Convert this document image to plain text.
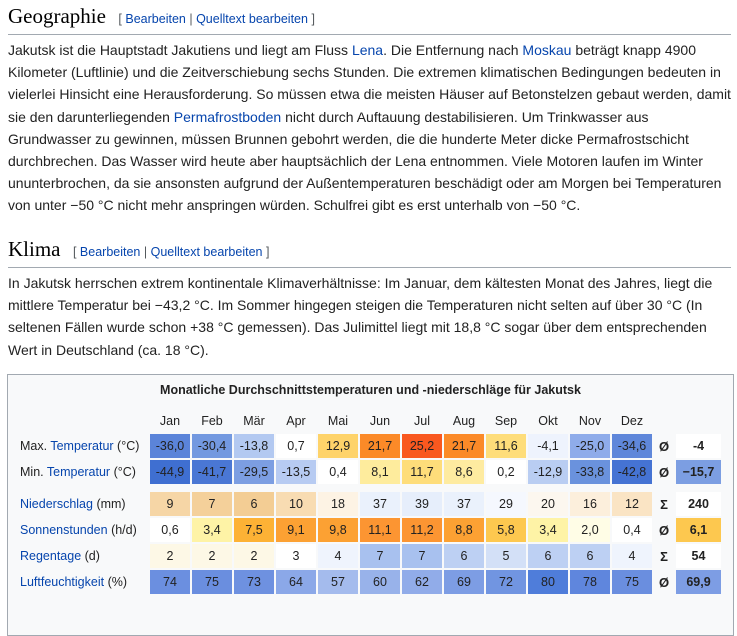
Geographie [ Bearbeiten | Quelltext bearbeiten ]

Jakutsk ist die Hauptstadt Jakutiens und liegt am Fluss Lena. Die Entfernung nach Moskau beträgt knapp 4900 Kilometer (Luftlinie) und die Zeitverschiebung sechs Stunden. Die extremen klimatischen Bedingungen bedeuten in vielerlei Hinsicht eine Herausforderung. So müssen etwa die meisten Häuser auf Betonstelzen gebaut werden, damit sie den darunterliegenden Permafrostboden nicht durch Auftauung destabilisieren. Um Trinkwasser aus Grundwasser zu gewinnen, müssen Brunnen gebohrt werden, die die hunderte Meter dicke Permafrostschicht durchbrechen. Das Wasser wird heute aber hauptsächlich der Lena entnommen. Viele Motoren laufen im Winter ununterbrochen, da sie ansonsten aufgrund der Außentemperaturen beschädigt oder am Morgen bei Temperaturen von unter −50 °C nicht mehr anspringen würden. Schulfrei gibt es erst unterhalb von −50 °C.

Klima [ Bearbeiten | Quelltext bearbeiten ]

In Jakutsk herrschen extrem kontinentale Klimaverhältnisse: Im Januar, dem kältesten Monat des Jahres, liegt die mittlere Temperatur bei −43,2 °C. Im Sommer hingegen steigen die Temperaturen nicht selten auf über 30 °C (In seltenen Fällen wurde schon +38 °C gemessen). Das Julimittel liegt mit 18,8 °C sogar über dem entsprechenden Wert in Deutschland (ca. 18 °C).

Monatliche Durchschnittstemperaturen und -niederschläge für Jakutsk
	Jan	Feb	Mär	Apr	Mai	Jun	Jul	Aug	Sep	Okt	Nov	Dez		
Max. Temperatur (°C)	-36,0	-30,4	-13,8	0,7	12,9	21,7	25,2	21,7	11,6	-4,1	-25,0	-34,6	Ø	-4
Min. Temperatur (°C)	-44,9	-41,7	-29,5	-13,5	0,4	8,1	11,7	8,6	0,2	-12,9	-33,8	-42,8	Ø	−15,7

Niederschlag (mm)	9	7	6	10	18	37	39	37	29	20	16	12	Σ	240
Sonnenstunden (h/d)	0,6	3,4	7,5	9,1	9,8	11,1	11,2	8,8	5,8	3,4	2,0	0,4	Ø	6,1
Regentage (d)	2	2	2	3	4	7	7	6	5	6	6	4	Σ	54
Luftfeuchtigkeit (%)	74	75	73	64	57	60	62	69	72	80	78	75	Ø	69,9
